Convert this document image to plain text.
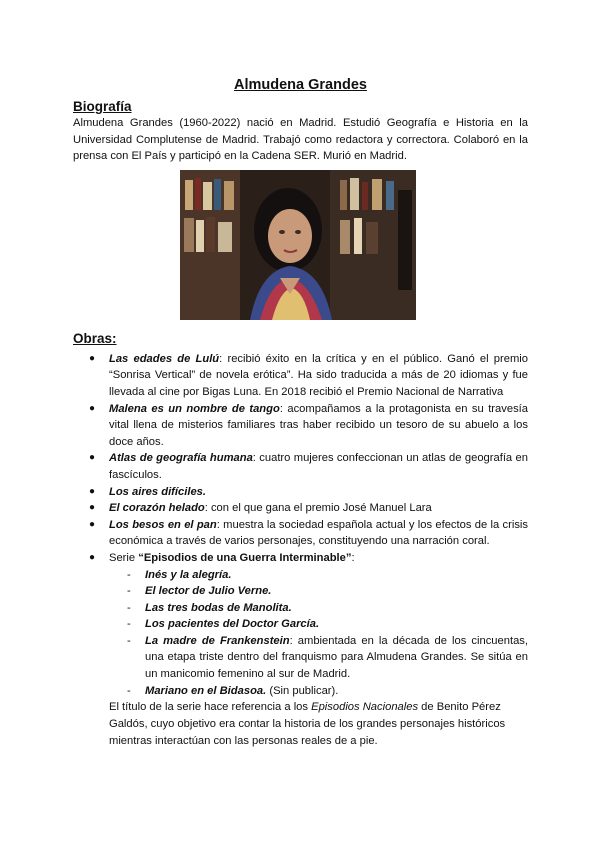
Almudena Grandes
Biografía

Almudena Grandes (1960-2022) nació en Madrid. Estudió Geografía e Historia en la Universidad Complutense de Madrid. Trabajó como redactora y correctora. Colaboró en la prensa con El País y participó en la Cadena SER. Murió en Madrid.

Obras:
● Las edades de Lulú: recibió éxito en la crítica y en el público. Ganó el premio “Sonrisa Vertical” de novela erótica”. Ha sido traducida a más de 20 idiomas y fue llevada al cine por Bigas Luna. En 2018 recibió el Premio Nacional de Narrativa
● Malena es un nombre de tango: acompañamos a la protagonista en su travesía vital llena de misterios familiares tras haber recibido un tesoro de su abuelo a los doce años.
● Atlas de geografía humana: cuatro mujeres confeccionan un atlas de geografía en fascículos.
● Los aires difíciles.
● El corazón helado: con el que gana el premio José Manuel Lara
● Los besos en el pan: muestra la sociedad española actual y los efectos de la crisis económica a través de varios personajes, constituyendo una narración coral.
● Serie “Episodios de una Guerra Interminable”:
- Inés y la alegría.
- El lector de Julio Verne.
- Las tres bodas de Manolita.
- Los pacientes del Doctor García.
- La madre de Frankenstein: ambientada en la década de los cincuentas, una etapa triste dentro del franquismo para Almudena Grandes. Se sitúa en un manicomio femenino al sur de Madrid.
- Mariano en el Bidasoa. (Sin publicar).

El título de la serie hace referencia a los Episodios Nacionales de Benito Pérez Galdós, cuyo objetivo era contar la historia de los grandes personajes históricos mientras interactúan con las personas reales de a pie.
